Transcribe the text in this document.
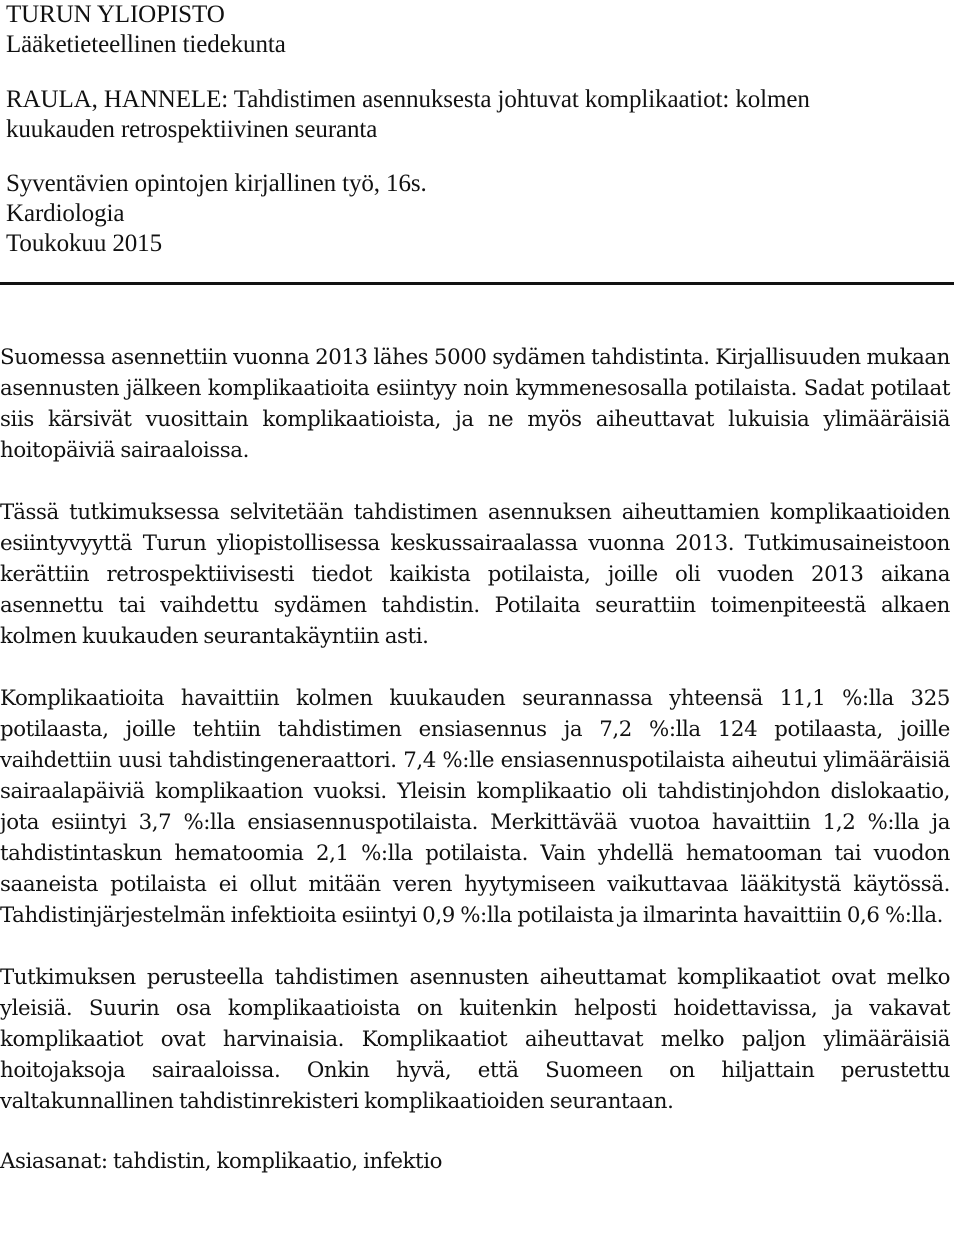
TURUN YLIOPISTO
Lääketieteellinen tiedekunta
RAULA, HANNELE: Tahdistimen asennuksesta johtuvat komplikaatiot: kolmen
kuukauden retrospektiivinen seuranta
Syventävien opintojen kirjallinen työ, 16s.
Kardiologia
Toukokuu 2015

Suomessa asennettiin vuonna 2013 lähes 5000 sydämen tahdistinta. Kirjallisuuden mukaan asennusten jälkeen komplikaatioita esiintyy noin kymmenesosalla potilaista. Sadat potilaat siis kärsivät vuosittain komplikaatioista, ja ne myös aiheuttavat lukuisia ylimääräisiä hoitopäiviä sairaaloissa.

Tässä tutkimuksessa selvitetään tahdistimen asennuksen aiheuttamien komplikaatioiden esiintyvyyttä Turun yliopistollisessa keskussairaalassa vuonna 2013. Tutkimusaineistoon kerättiin retrospektiivisesti tiedot kaikista potilaista, joille oli vuoden 2013 aikana asennettu tai vaihdettu sydämen tahdistin. Potilaita seurattiin toimenpiteestä alkaen kolmen kuukauden seurantakäyntiin asti.

Komplikaatioita havaittiin kolmen kuukauden seurannassa yhteensä 11,1 %:lla 325 potilaasta, joille tehtiin tahdistimen ensiasennus ja 7,2 %:lla 124 potilaasta, joille vaihdettiin uusi tahdistingeneraattori. 7,4 %:lle ensiasennuspotilaista aiheutui ylimääräisiä sairaalapäiviä komplikaation vuoksi. Yleisin komplikaatio oli tahdistinjohdon dislokaatio, jota esiintyi 3,7 %:lla ensiasennuspotilaista. Merkittävää vuotoa havaittiin 1,2 %:lla ja tahdistintaskun hematoomia 2,1 %:lla potilaista. Vain yhdellä hematooman tai vuodon saaneista potilaista ei ollut mitään veren hyytymiseen vaikuttavaa lääkitystä käytössä. Tahdistinjärjestelmän infektioita esiintyi 0,9 %:lla potilaista ja ilmarinta havaittiin 0,6 %:lla.

Tutkimuksen perusteella tahdistimen asennusten aiheuttamat komplikaatiot ovat melko yleisiä. Suurin osa komplikaatioista on kuitenkin helposti hoidettavissa, ja vakavat komplikaatiot ovat harvinaisia. Komplikaatiot aiheuttavat melko paljon ylimääräisiä hoitojaksoja sairaaloissa. Onkin hyvä, että Suomeen on hiljattain perustettu valtakunnallinen tahdistinrekisteri komplikaatioiden seurantaan.

Asiasanat: tahdistin, komplikaatio, infektio
